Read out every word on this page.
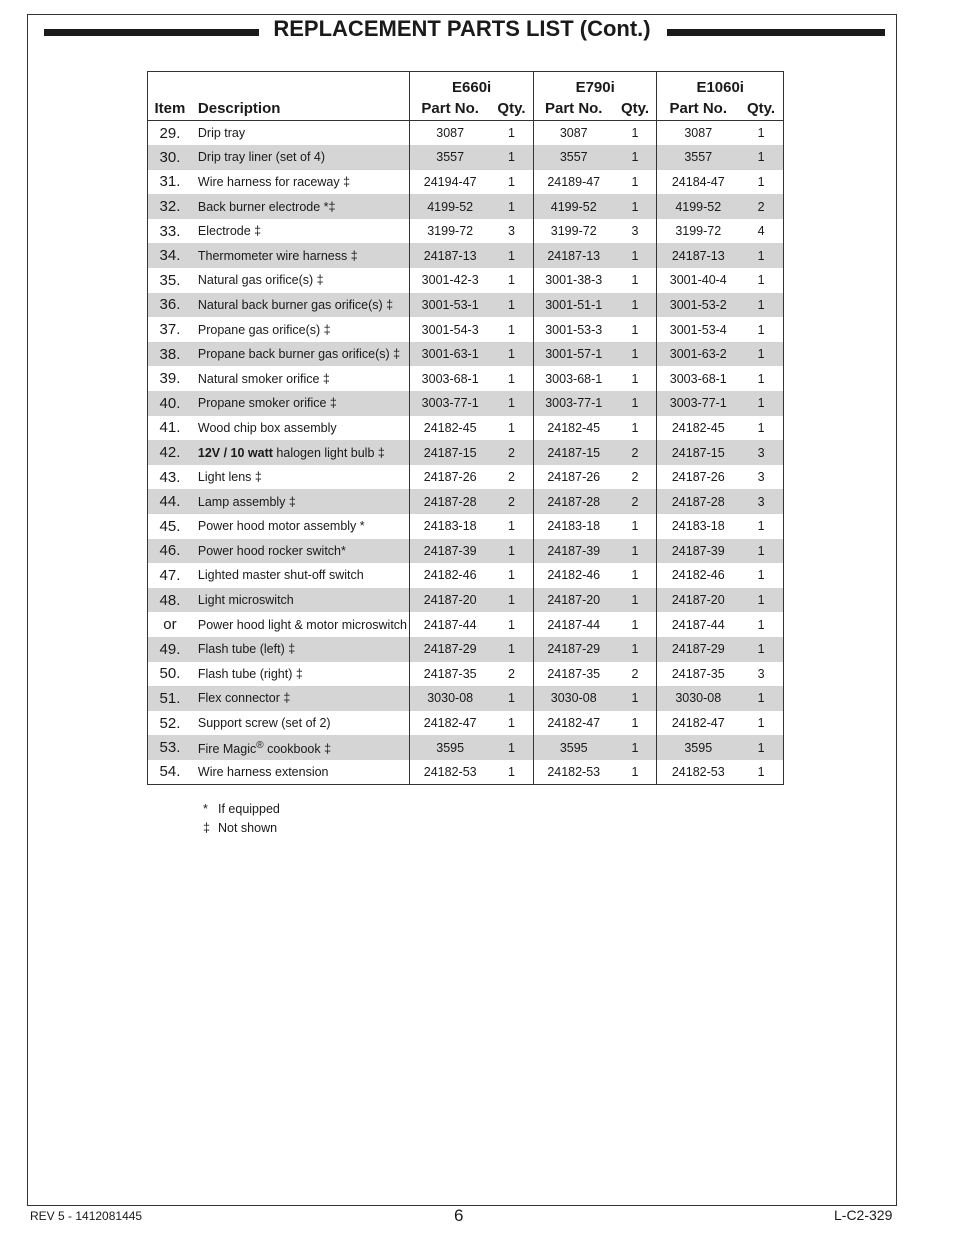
REPLACEMENT PARTS LIST (Cont.)
		E660i		E790i		E1060i	
Item	Description	Part No.	Qty.	Part No.	Qty.	Part No.	Qty.
29.	Drip tray	3087	1	3087	1	3087	1
30.	Drip tray liner (set of 4)	3557	1	3557	1	3557	1
31.	Wire harness for raceway ‡	24194-47	1	24189-47	1	24184-47	1
32.	Back burner electrode *‡	4199-52	1	4199-52	1	4199-52	2
33.	Electrode ‡	3199-72	3	3199-72	3	3199-72	4
34.	Thermometer wire harness ‡	24187-13	1	24187-13	1	24187-13	1
35.	Natural gas orifice(s) ‡	3001-42-3	1	3001-38-3	1	3001-40-4	1
36.	Natural back burner gas orifice(s) ‡	3001-53-1	1	3001-51-1	1	3001-53-2	1
37.	Propane gas orifice(s) ‡	3001-54-3	1	3001-53-3	1	3001-53-4	1
38.	Propane back burner gas orifice(s) ‡	3001-63-1	1	3001-57-1	1	3001-63-2	1
39.	Natural smoker orifice ‡	3003-68-1	1	3003-68-1	1	3003-68-1	1
40.	Propane smoker orifice ‡	3003-77-1	1	3003-77-1	1	3003-77-1	1
41.	Wood chip box assembly	24182-45	1	24182-45	1	24182-45	1
42.	12V / 10 watt halogen light bulb ‡	24187-15	2	24187-15	2	24187-15	3
43.	Light lens ‡	24187-26	2	24187-26	2	24187-26	3
44.	Lamp assembly ‡	24187-28	2	24187-28	2	24187-28	3
45.	Power hood motor assembly *	24183-18	1	24183-18	1	24183-18	1
46.	Power hood rocker switch*	24187-39	1	24187-39	1	24187-39	1
47.	Lighted master shut-off switch	24182-46	1	24182-46	1	24182-46	1
48.	Light microswitch	24187-20	1	24187-20	1	24187-20	1
or	Power hood light & motor microswitch	24187-44	1	24187-44	1	24187-44	1
49.	Flash tube (left) ‡	24187-29	1	24187-29	1	24187-29	1
50.	Flash tube (right) ‡	24187-35	2	24187-35	2	24187-35	3
51.	Flex connector ‡	3030-08	1	3030-08	1	3030-08	1
52.	Support screw (set of 2)	24182-47	1	24182-47	1	24182-47	1
53.	Fire Magic® cookbook ‡	3595	1	3595	1	3595	1
54.	Wire harness extension	24182-53	1	24182-53	1	24182-53	1
* If equipped
‡ Not shown
REV 5 - 1412081445	6	L-C2-329
